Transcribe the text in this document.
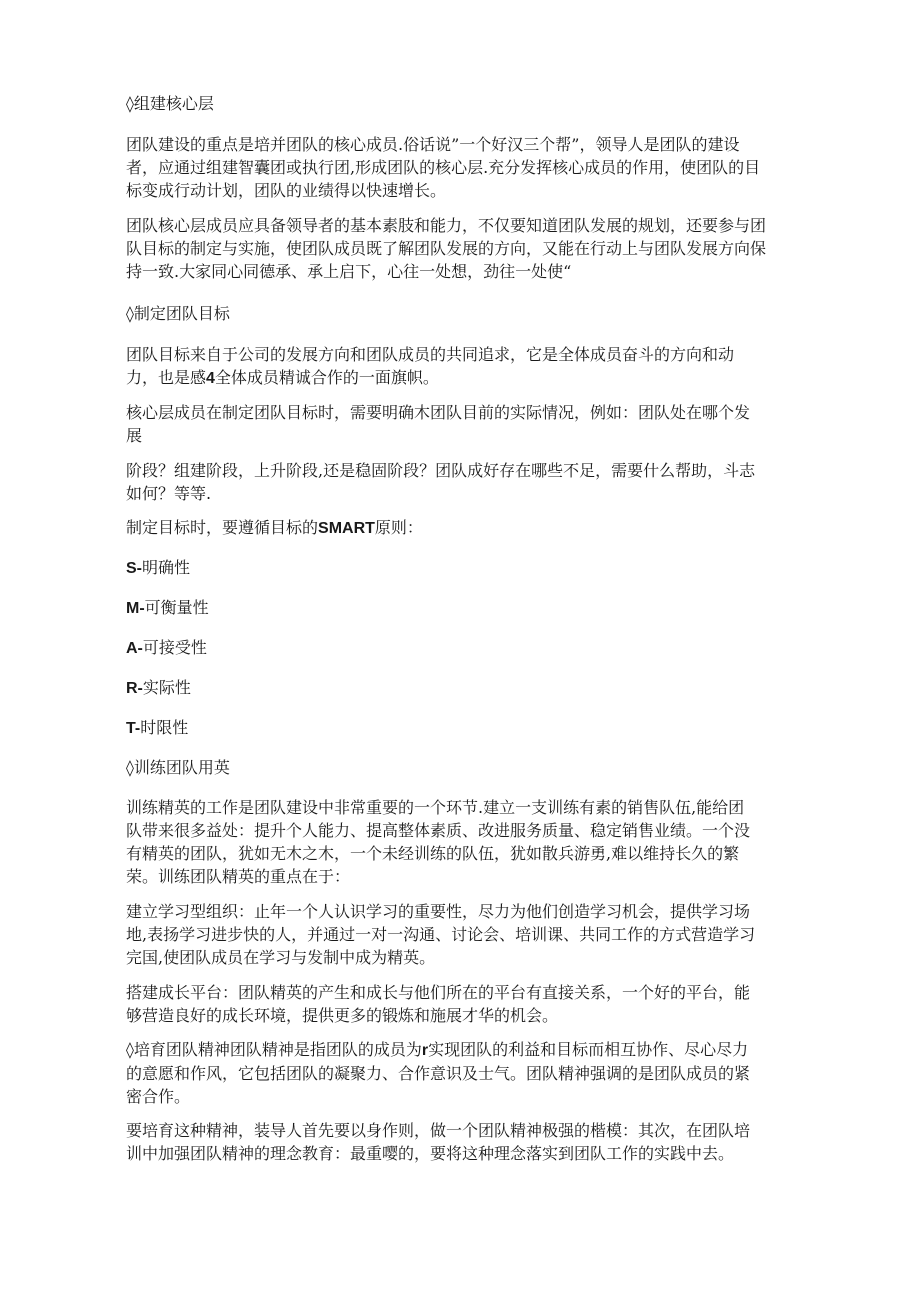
◊组建核心层

团队建设的重点是培并团队的核心成员.俗话说”一个好汉三个帮”，领导人是团队的建设
者，应通过组建智囊团或执行团,形成团队的核心层.充分发挥核心成员的作用，使团队的目
标变成行动计划，团队的业绩得以快速增长。

团队核心层成员应具备领导者的基本素肢和能力，不仅要知道团队发展的规划，还要参与团
队目标的制定与实施，使团队成员既了解团队发展的方向，又能在行动上与团队发展方向保
持一致.大家同心同德承、承上启下，心往一处想，劲往一处使“

◊制定团队目标

团队目标来自于公司的发展方向和团队成员的共同追求，它是全体成员奋斗的方向和动
力，也是感4全体成员精诚合作的一面旗帜。

核心层成员在制定团队目标时，需要明确木团队目前的实际情况，例如：团队处在哪个发
展

阶段？组建阶段，上升阶段,还是稳固阶段？团队成好存在哪些不足，需要什么帮助，斗志
如何？等等.

制定目标时，要遵循目标的SMART原则：

S-明确性

M-可衡量性

A-可接受性

R-实际性

T-时限性

◊训练团队用英

训练精英的工作是团队建设中非常重要的一个环节.建立一支训练有素的销售队伍,能给团
队带来很多益处：提升个人能力、提高整体素质、改进服务质量、稳定销售业绩。一个没
有精英的团队，犹如无木之木，一个未经训练的队伍，犹如散兵游勇,难以维持长久的繁
荣。训练团队精英的重点在于：

建立学习型组织：止年一个人认识学习的重要性，尽力为他们创造学习机会，提供学习场
地,表扬学习进步快的人，并通过一对一沟通、讨论会、培训课、共同工作的方式营造学习
完国,使团队成员在学习与发制中成为精英。

搭建成长平台：团队精英的产生和成长与他们所在的平台有直接关系，一个好的平台，能
够营造良好的成长环境，提供更多的锻炼和施展才华的机会。

◊培育团队精神团队精神是指团队的成员为r实现团队的利益和目标而相互协作、尽心尽力
的意愿和作风，它包括团队的凝聚力、合作意识及士气。团队精神强调的是团队成员的紧
密合作。

要培育这种精神，装导人首先要以身作则，做一个团队精神极强的楷模：其次，在团队培
训中加强团队精神的理念教育：最重嘤的，要将这种理念落实到团队工作的实践中去。
